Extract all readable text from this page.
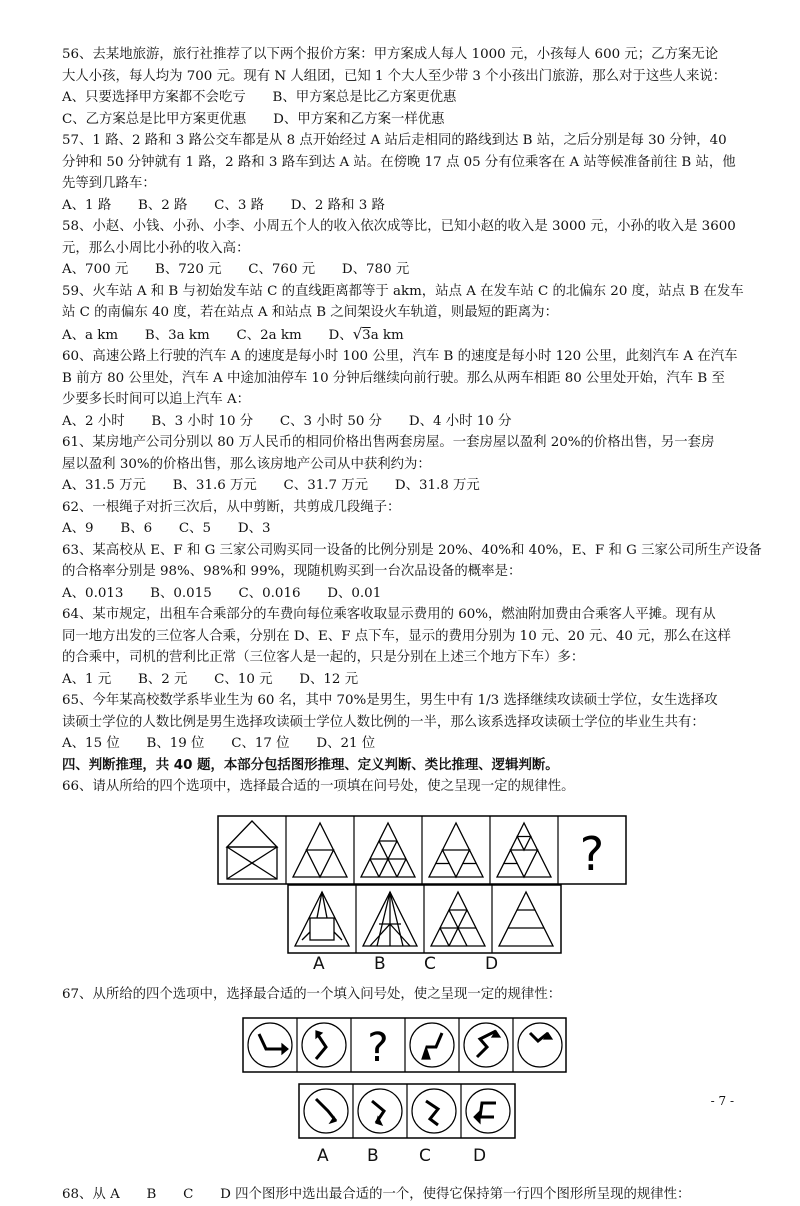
56、去某地旅游，旅行社推荐了以下两个报价方案：甲方案成人每人 1000 元，小孩每人 600 元；乙方案无论
大人小孩，每人均为 700 元。现有 N 人组团，已知 1 个大人至少带 3 个小孩出门旅游，那么对于这些人来说：
A、只要选择甲方案都不会吃亏　　B、甲方案总是比乙方案更优惠
C、乙方案总是比甲方案更优惠　　D、甲方案和乙方案一样优惠
57、1 路、2 路和 3 路公交车都是从 8 点开始经过 A 站后走相同的路线到达 B 站，之后分别是每 30 分钟，40
分钟和 50 分钟就有 1 路，2 路和 3 路车到达 A 站。在傍晚 17 点 05 分有位乘客在 A 站等候准备前往 B 站，他
先等到几路车：
A、1 路　　B、2 路　　C、3 路　　D、2 路和 3 路
58、小赵、小钱、小孙、小李、小周五个人的收入依次成等比，已知小赵的收入是 3000 元，小孙的收入是 3600
元，那么小周比小孙的收入高：
A、700 元　　B、720 元　　C、760 元　　D、780 元
59、火车站 A 和 B 与初始发车站 C 的直线距离都等于 akm，站点 A 在发车站 C 的北偏东 20 度，站点 B 在发车
站 C 的南偏东 40 度，若在站点 A 和站点 B 之间架设火车轨道，则最短的距离为：
A、a km　　B、3a km　　C、2a km　　D、√3a km
60、高速公路上行驶的汽车 A 的速度是每小时 100 公里，汽车 B 的速度是每小时 120 公里，此刻汽车 A 在汽车
B 前方 80 公里处，汽车 A 中途加油停车 10 分钟后继续向前行驶。那么从两车相距 80 公里处开始，汽车 B 至
少要多长时间可以追上汽车 A：
A、2 小时　　B、3 小时 10 分　　C、3 小时 50 分　　D、4 小时 10 分
61、某房地产公司分别以 80 万人民币的相同价格出售两套房屋。一套房屋以盈利 20%的价格出售，另一套房
屋以盈利 30%的价格出售，那么该房地产公司从中获利约为：
A、31.5 万元　　B、31.6 万元　　C、31.7 万元　　D、31.8 万元
62、一根绳子对折三次后，从中剪断，共剪成几段绳子：
A、9　　B、6　　C、5　　D、3
63、某高校从 E、F 和 G 三家公司购买同一设备的比例分别是 20%、40%和 40%，E、F 和 G 三家公司所生产设备
的合格率分别是 98%、98%和 99%，现随机购买到一台次品设备的概率是：
A、0.013　　B、0.015　　C、0.016　　D、0.01
64、某市规定，出租车合乘部分的车费向每位乘客收取显示费用的 60%，燃油附加费由合乘客人平摊。现有从
同一地方出发的三位客人合乘，分别在 D、E、F 点下车，显示的费用分别为 10 元、20 元、40 元，那么在这样
的合乘中，司机的营利比正常（三位客人是一起的，只是分别在上述三个地方下车）多：
A、1 元　　B、2 元　　C、10 元　　D、12 元
65、今年某高校数学系毕业生为 60 名，其中 70%是男生，男生中有 1/3 选择继续攻读硕士学位，女生选择攻
读硕士学位的人数比例是男生选择攻读硕士学位人数比例的一半，那么该系选择攻读硕士学位的毕业生共有：
A、15 位　　B、19 位　　C、17 位　　D、21 位
四、判断推理，共 40 题，本部分包括图形推理、定义判断、类比推理、逻辑判断。
66、请从所给的四个选项中，选择最合适的一项填在问号处，使之呈现一定的规律性。
?
A	B C	D
67、从所给的四个选项中，选择最合适的一个填入问号处，使之呈现一定的规律性：
?
A B C D
68、从 A　　B　　C　　D 四个图形中选出最合适的一个，使得它保持第一行四个图形所呈现的规律性：
- 7 -
